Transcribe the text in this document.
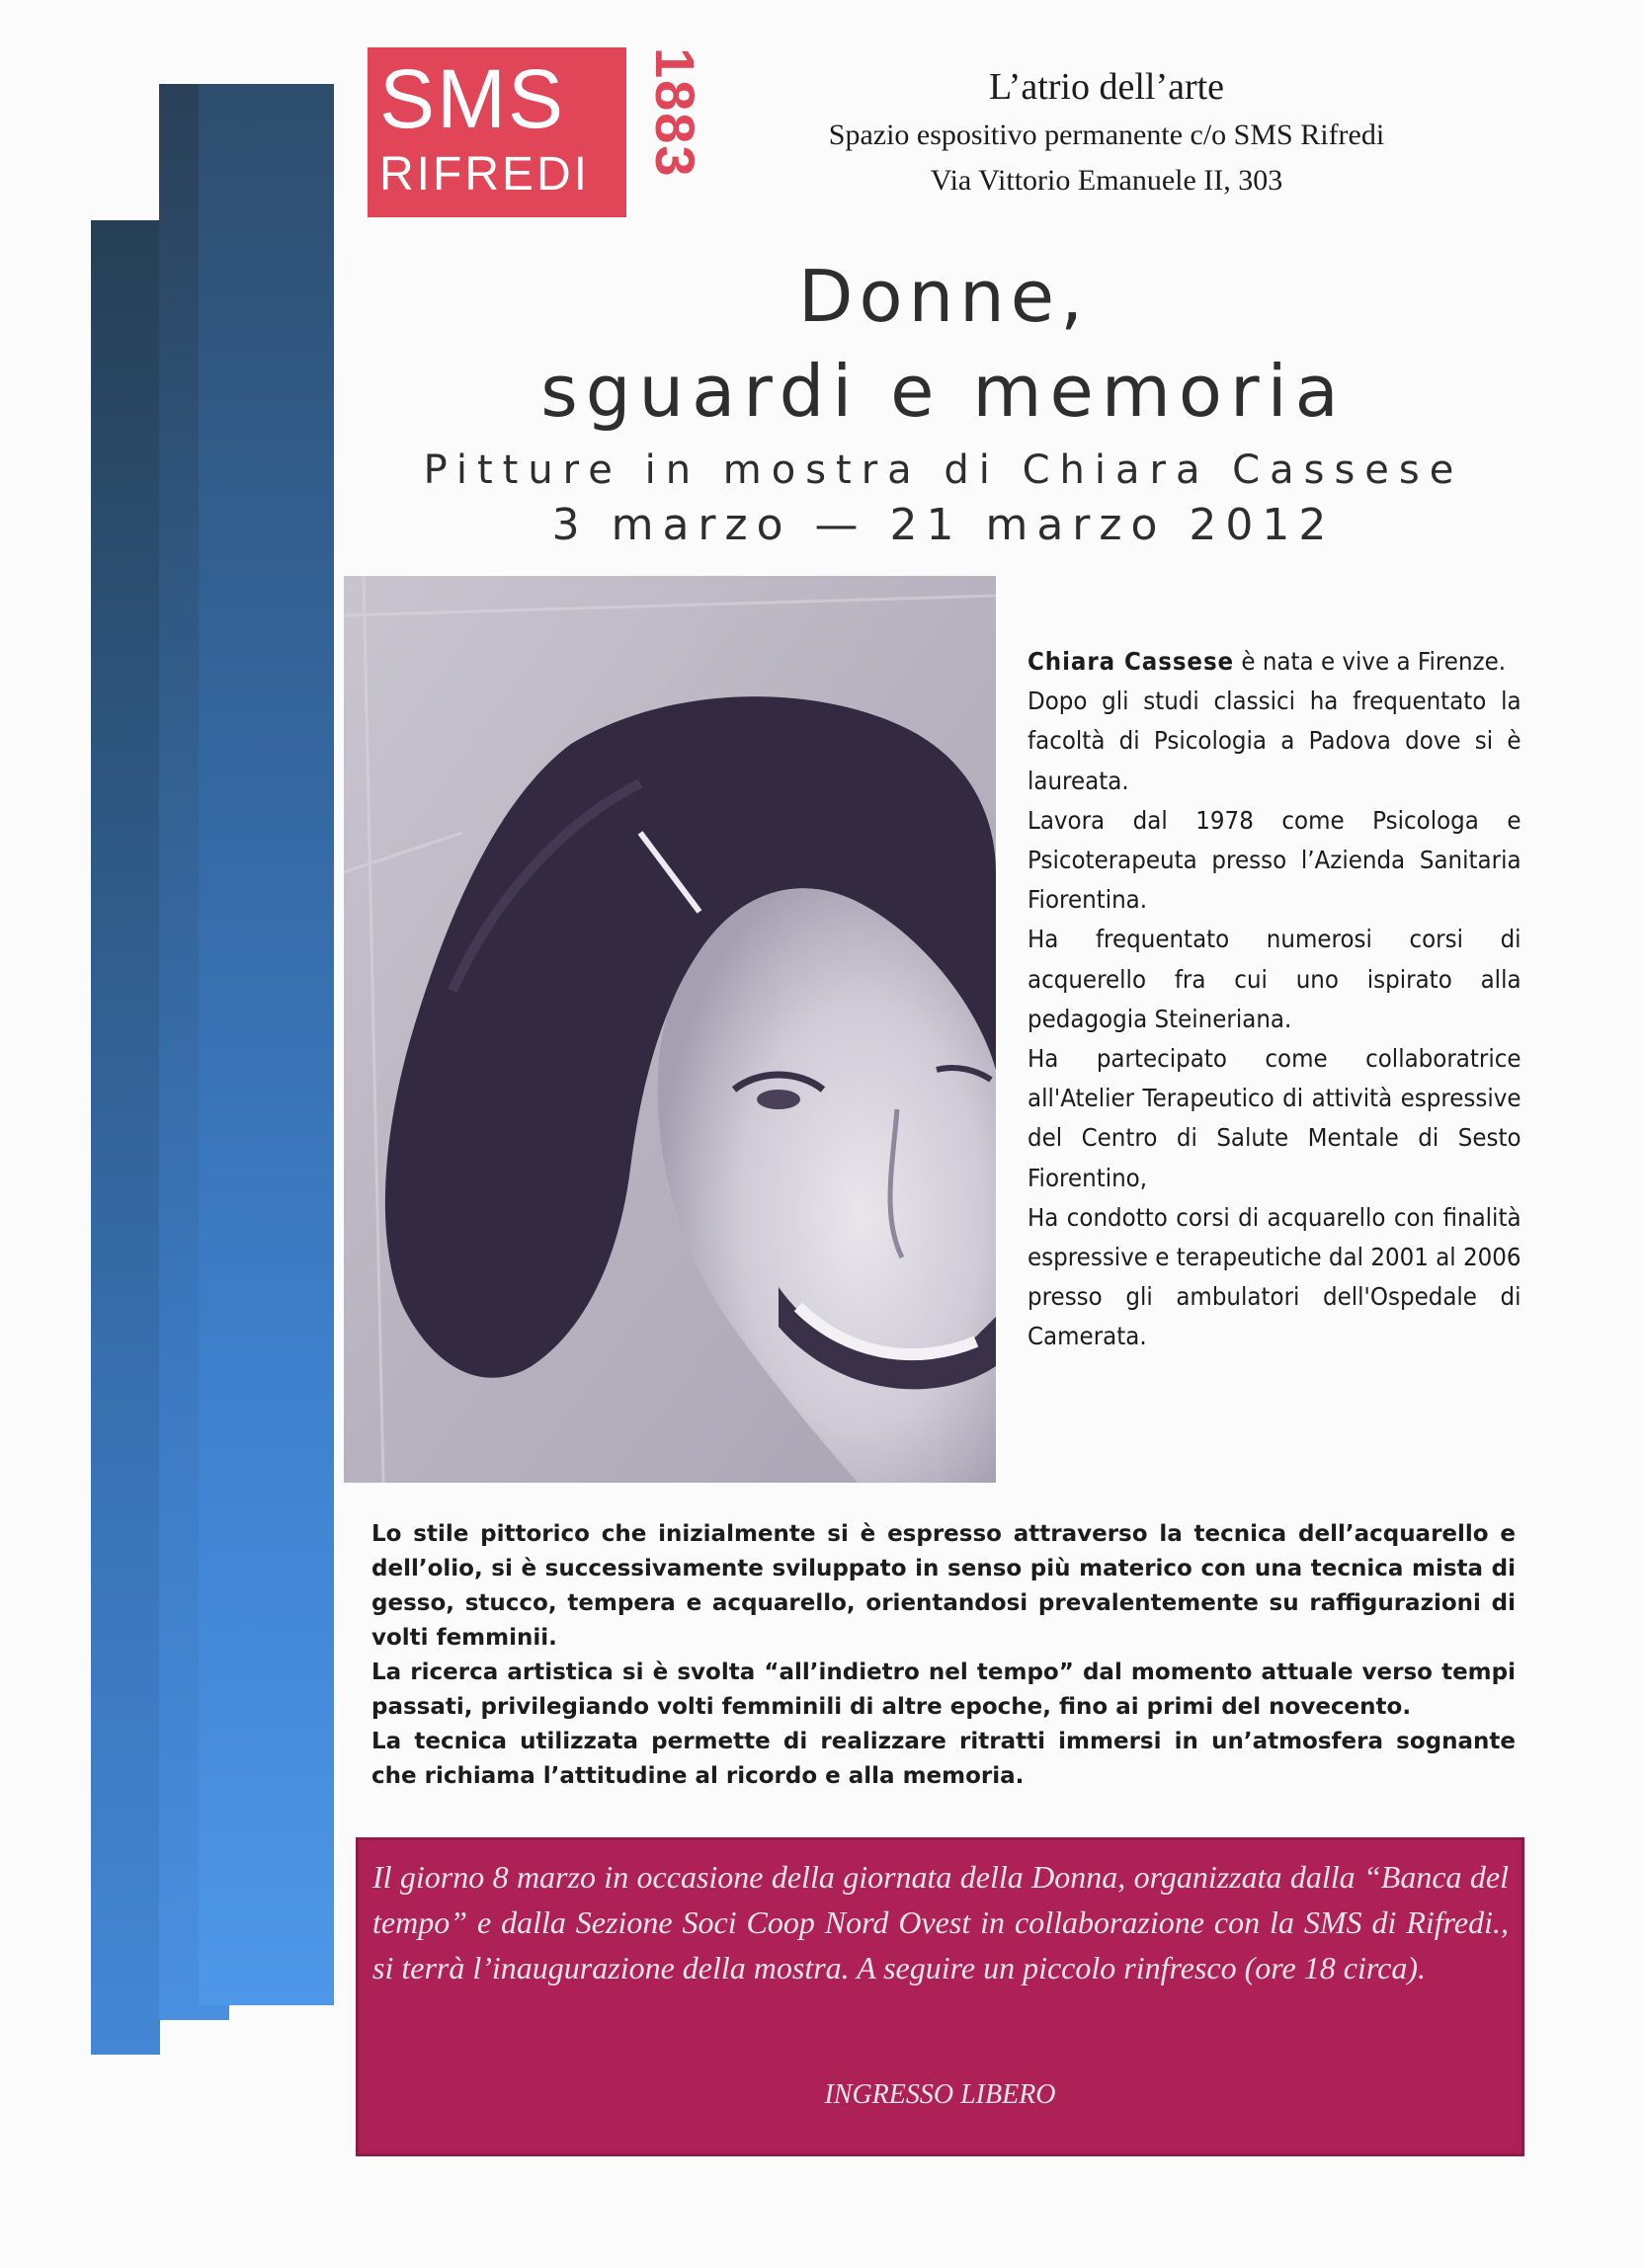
SMS
RIFREDI 1883	L’atrio dell’arte
Spazio espositivo permanente c/o SMS Rifredi
Via Vittorio Emanuele II, 303
Donne,
sguardi e memoria
Pitture in mostra di Chiara Cassese
3 marzo — 21 marzo 2012

Chiara Cassese è nata e vive a Firenze.

Dopo gli studi classici ha frequentato la facoltà di Psicologia a Padova dove si è laureata.

Lavora dal 1978 come Psicologa e Psicoterapeuta presso l’Azienda Sanitaria Fiorentina.

Ha frequentato numerosi corsi di acquerello fra cui uno ispirato alla pedagogia Steineriana.

Ha partecipato come collaboratrice all'Atelier Terapeutico di attività espressive del Centro di Salute Mentale di Sesto Fiorentino,

Ha condotto corsi di acquarello con finalità espressive e terapeutiche dal 2001 al 2006 presso gli ambulatori dell'Ospedale di Camerata.

Lo stile pittorico che inizialmente si è espresso attraverso la tecnica dell’acquarello e dell’olio, si è successivamente sviluppato in senso più materico con una tecnica mista di gesso, stucco, tempera e acquarello, orientandosi prevalentemente su raffigurazioni di volti femminii.

La ricerca artistica si è svolta “all’indietro nel tempo” dal momento attuale verso tempi passati, privilegiando volti femminili di altre epoche, fino ai primi del novecento.

La tecnica utilizzata permette di realizzare ritratti immersi in un’atmosfera sognante che richiama l’attitudine al ricordo e alla memoria.

Il giorno 8 marzo in occasione della giornata della Donna, organizzata dalla “Banca del tempo” e dalla Sezione Soci Coop Nord Ovest in collaborazione con la SMS di Rifredi., si terrà l’inaugurazione della mostra. A seguire un piccolo rinfresco (ore 18 circa).
INGRESSO LIBERO
